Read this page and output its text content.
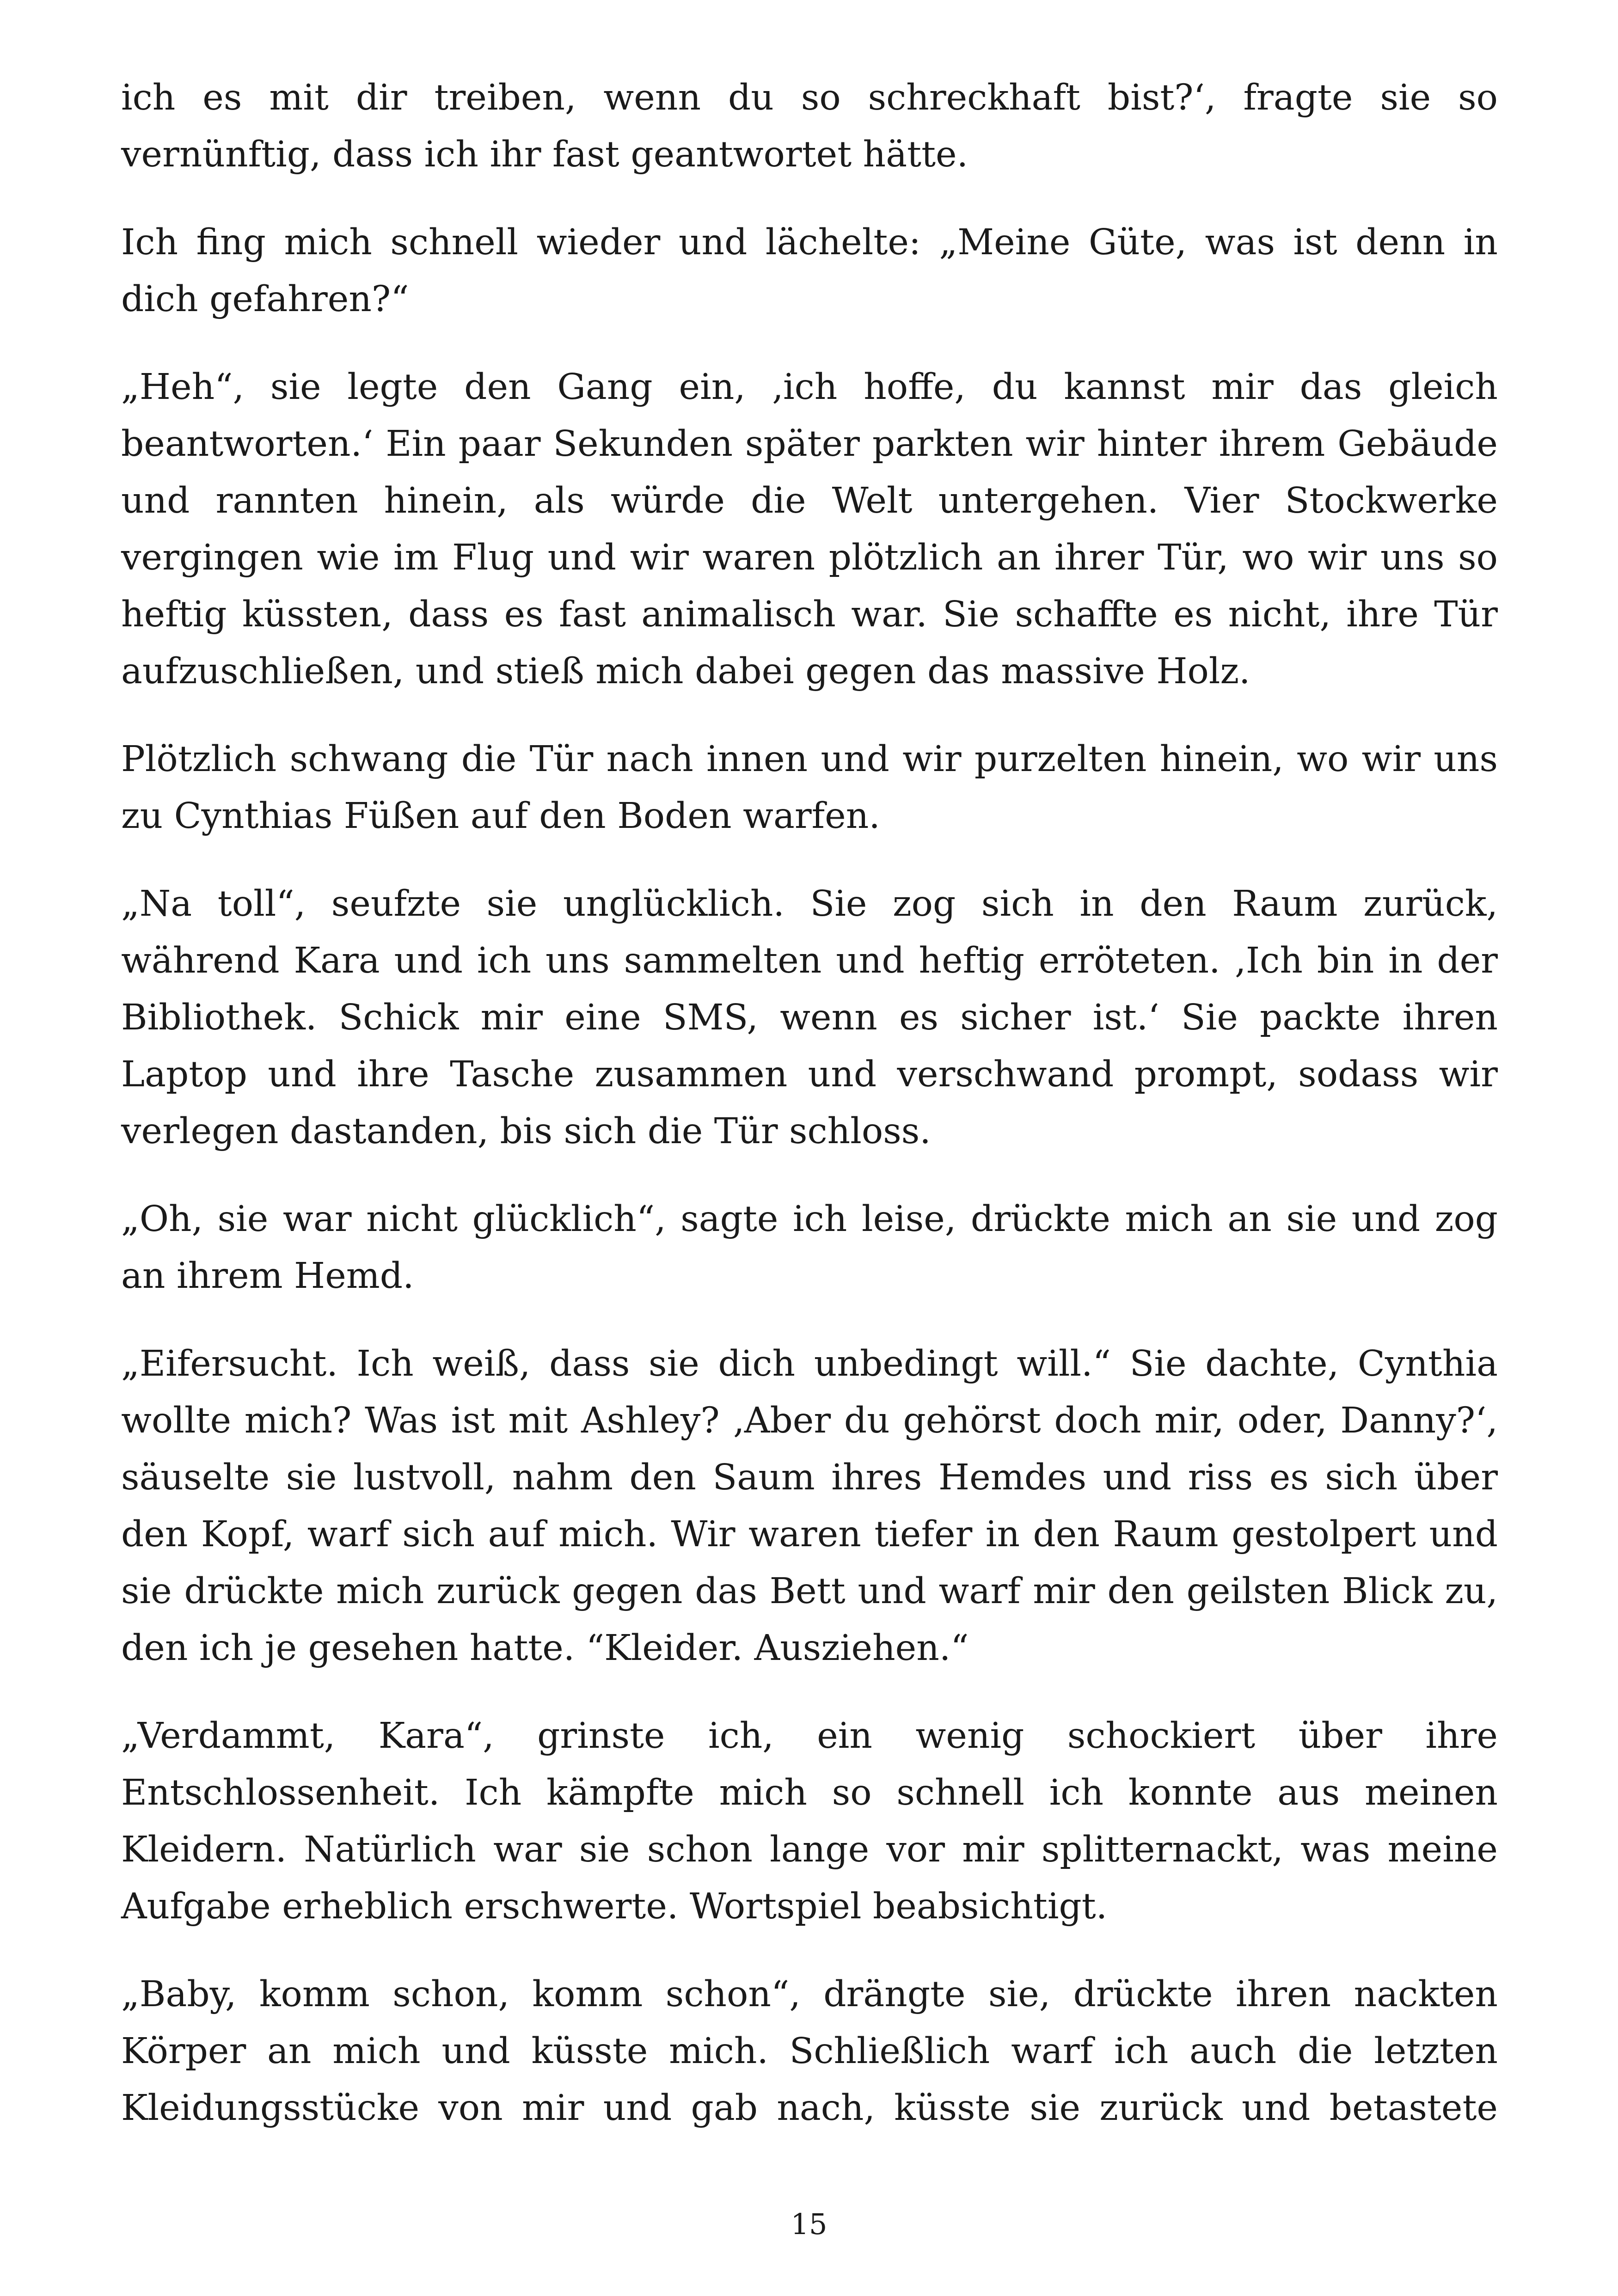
ich es mit dir treiben, wenn du so schreckhaft bist?‘, fragte sie so vernünftig, dass ich ihr fast geantwortet hätte.

Ich fing mich schnell wieder und lächelte: „Meine Güte, was ist denn in dich gefahren?“

„Heh“, sie legte den Gang ein, ‚ich hoffe, du kannst mir das gleich beantworten.‘ Ein paar Sekunden später parkten wir hinter ihrem Gebäude und rannten hinein, als würde die Welt untergehen. Vier Stockwerke vergingen wie im Flug und wir waren plötzlich an ihrer Tür, wo wir uns so heftig küssten, dass es fast animalisch war. Sie schaffte es nicht, ihre Tür aufzuschließen, und stieß mich dabei gegen das massive Holz.

Plötzlich schwang die Tür nach innen und wir purzelten hinein, wo wir uns zu Cynthias Füßen auf den Boden warfen.

„Na toll“, seufzte sie unglücklich. Sie zog sich in den Raum zurück, während Kara und ich uns sammelten und heftig erröteten. ‚Ich bin in der Bibliothek. Schick mir eine SMS, wenn es sicher ist.‘ Sie packte ihren Laptop und ihre Tasche zusammen und verschwand prompt, sodass wir verlegen dastanden, bis sich die Tür schloss.

„Oh, sie war nicht glücklich“, sagte ich leise, drückte mich an sie und zog an ihrem Hemd.

„Eifersucht. Ich weiß, dass sie dich unbedingt will.“ Sie dachte, Cynthia wollte mich? Was ist mit Ashley? ‚Aber du gehörst doch mir, oder, Danny?‘, säuselte sie lustvoll, nahm den Saum ihres Hemdes und riss es sich über den Kopf, warf sich auf mich. Wir waren tiefer in den Raum gestolpert und sie drückte mich zurück gegen das Bett und warf mir den geilsten Blick zu, den ich je gesehen hatte. “Kleider. Ausziehen.“

„Verdammt, Kara“, grinste ich, ein wenig schockiert über ihre Entschlossenheit. Ich kämpfte mich so schnell ich konnte aus meinen Kleidern. Natürlich war sie schon lange vor mir splitternackt, was meine Aufgabe erheblich erschwerte. Wortspiel beabsichtigt.

„Baby, komm schon, komm schon“, drängte sie, drückte ihren nackten Körper an mich und küsste mich. Schließlich warf ich auch die letzten Kleidungsstücke von mir und gab nach, küsste sie zurück und betastete

15
